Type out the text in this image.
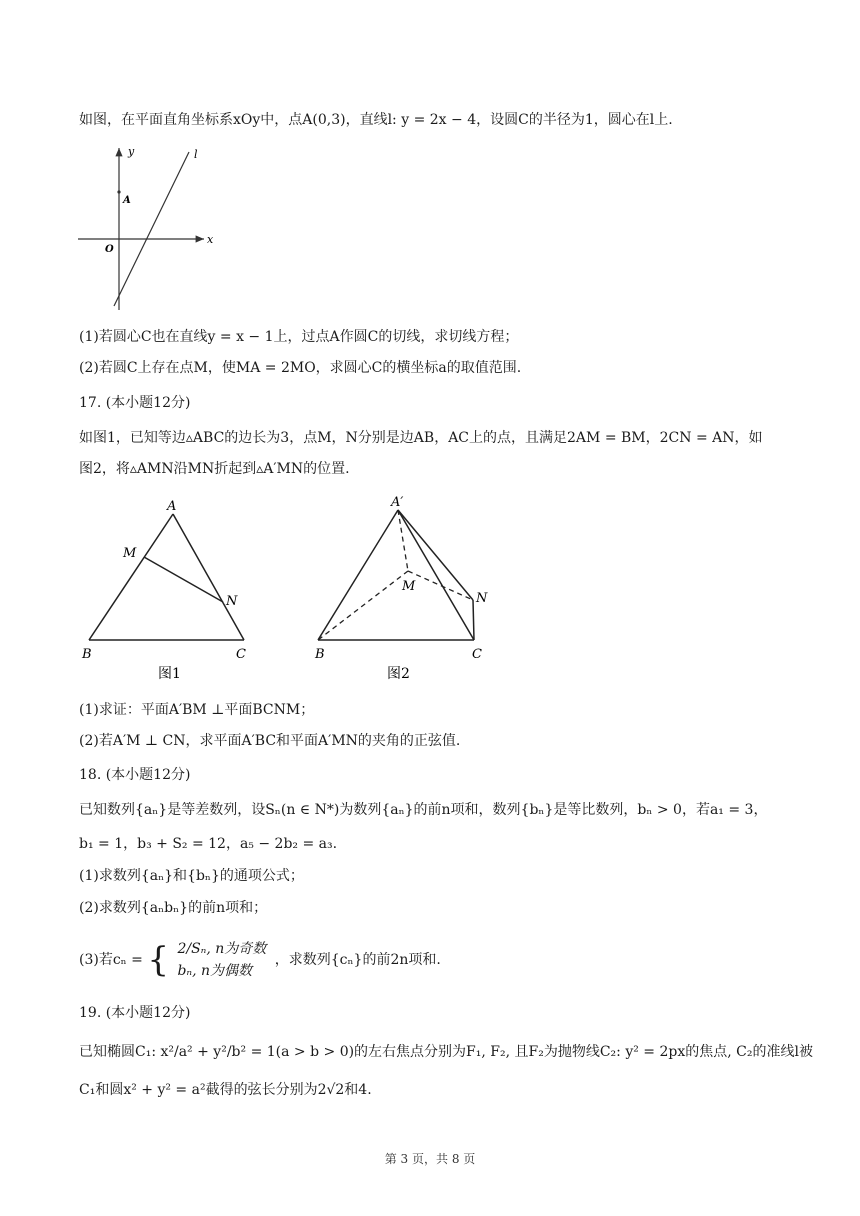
如图，在平面直角坐标系xOy中，点A(0,3)，直线l: y = 2x − 4，设圆C的半径为1，圆心在l上.
y
x
l
A
O
(1)若圆心C也在直线y = x − 1上，过点A作圆C的切线，求切线方程；
(2)若圆C上存在点M，使MA = 2MO，求圆心C的横坐标a的取值范围.
17. (本小题12分)
如图1，已知等边▵ABC的边长为3，点M，N分别是边AB，AC上的点，且满足2AM = BM，2CN = AN，如
图2，将▵AMN沿MN折起到▵A′MN的位置.
A
M
N
B	C
图1
A′
M
N
B	C
图2
(1)求证：平面A′BM ⊥平面BCNM；
(2)若A′M ⊥ CN，求平面A′BC和平面A′MN的夹角的正弦值.
18. (本小题12分)
已知数列{aₙ}是等差数列，设Sₙ(n ∈ N*)为数列{aₙ}的前n项和，数列{bₙ}是等比数列，bₙ > 0，若a₁ = 3，
b₁ = 1，b₃ + S₂ = 12，a₅ − 2b₂ = a₃.
(1)求数列{aₙ}和{bₙ}的通项公式；
(2)求数列{aₙbₙ}的前n项和；
(3)若cₙ = { 2/Sₙ, n为奇数
bₙ, n为偶数
，求数列{cₙ}的前2n项和.
19. (本小题12分)
已知椭圆C₁: x²/a² + y²/b² = 1(a > b > 0)的左右焦点分别为F₁, F₂, 且F₂为抛物线C₂: y² = 2px的焦点, C₂的准线l被
C₁和圆x² + y² = a²截得的弦长分别为2√2和4.
第 3 页，共 8 页
